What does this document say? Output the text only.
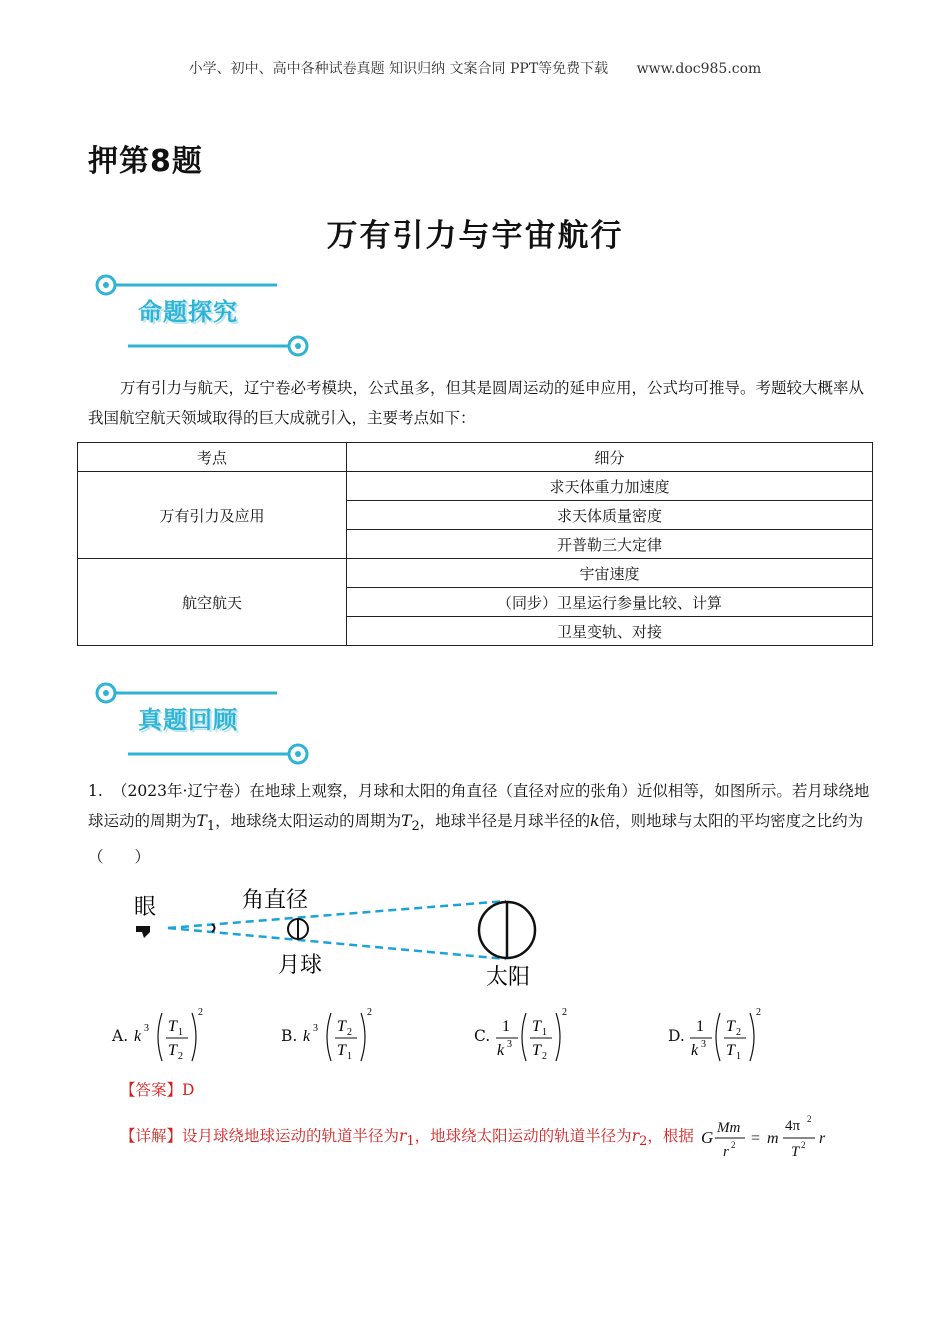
小学、初中、高中各种试卷真题 知识归纳 文案合同 PPT等免费下载 www.doc985.com
押第8题
万有引力与宇宙航行
命题探究
万有引力与航天，辽宁卷必考模块，公式虽多，但其是圆周运动的延申应用，公式均可推导。考题较大概率从我国航空航天领域取得的巨大成就引入，主要考点如下：
考点	细分
万有引力及应用	求天体重力加速度
	求天体质量密度
	开普勒三大定律
航空航天	宇宙速度
	（同步）卫星运行参量比较、计算
	卫星变轨、对接
真题回顾
1. （2023年·辽宁卷）在地球上观察，月球和太阳的角直径（直径对应的张角）近似相等，如图所示。若月球绕地球运动的周期为$T_1$，地球绕太阳运动的周期为$T_2$，地球半径是月球半径的k倍，则地球与太阳的平均密度之比约为（　　）
眼	角直径
月球	太阳
A. k 3 T 1
T 2
2
B. k 3 T 2
T 1
2
C.
1
k 3
T 1
T 2
2
D.
1
k 3
T 2
T 1
2
【答案】D
【详解】设月球绕地球运动的轨道半径为$r_1$，地球绕太阳运动的轨道半径为$r_2$，根据 G Mm
r 2 = m
4π 2
T 2 r
